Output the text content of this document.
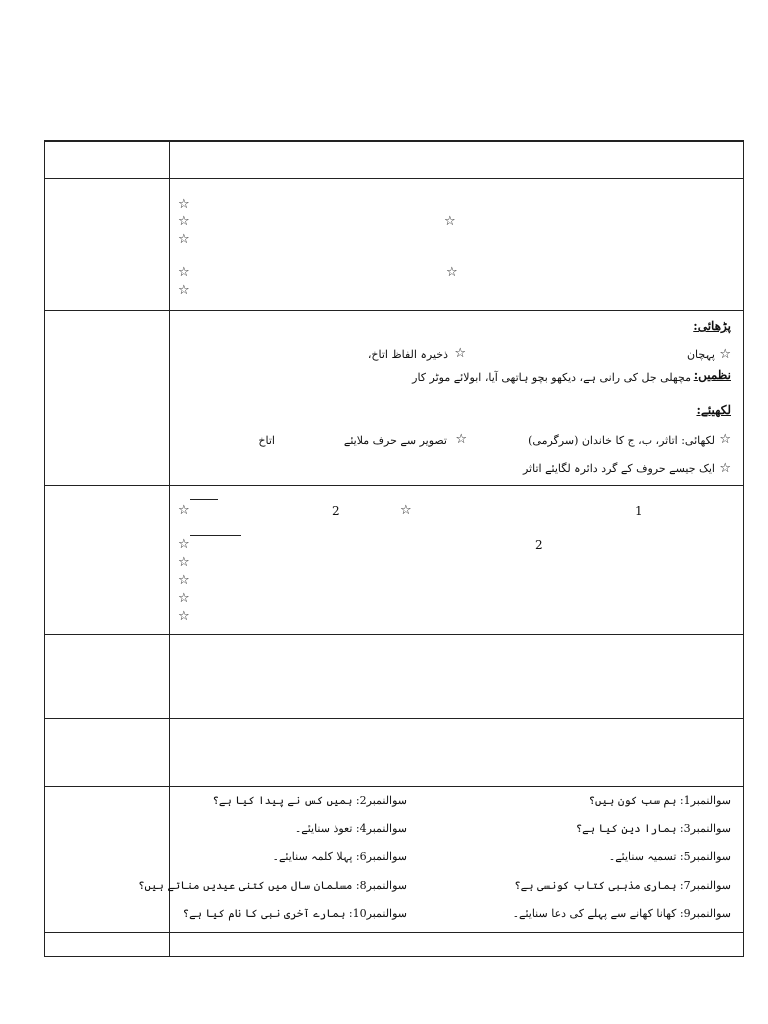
☆
☆	☆
☆
☆	☆
☆
پڑھائی:
☆
پہچان
☆
ذخیرہ الفاظ اتاخ،
نظمیں:
مچھلی جل کی رانی ہے، دیکھو بچو ہاتھی آیا، ابولائے موٹر کار
لکھیئے:
☆
لکھائی: اتاثر، ب، ج کا خاندان (سرگرمی)
☆
تصویر سے حرف ملایئے
اتاخ
☆
ایک جیسے حروف کے گرد دائرہ لگایئے اتاثر
☆	2	☆	1
☆	2
☆
☆
☆
☆
سوالنمبر1: ہم سب کون ہیں؟
سوالنمبر2: ہمیں کس نے پیدا کیا ہے؟
سوالنمبر3: ہمارا دین کیا ہے؟
سوالنمبر4: تعوذ سنایئے۔
سوالنمبر5: تسمیہ سنایئے۔
سوالنمبر6: پہلا کلمہ سنایئے۔
سوالنمبر7: ہماری مذہبی کتاب کونسی ہے؟
سوالنمبر8: مسلمان سال میں کتنی عیدیں مناتے ہیں؟
سوالنمبر9: کھانا کھانے سے پہلے کی دعا سنایئے۔
سوالنمبر10: ہمارے آخری نبی کا نام کیا ہے؟
